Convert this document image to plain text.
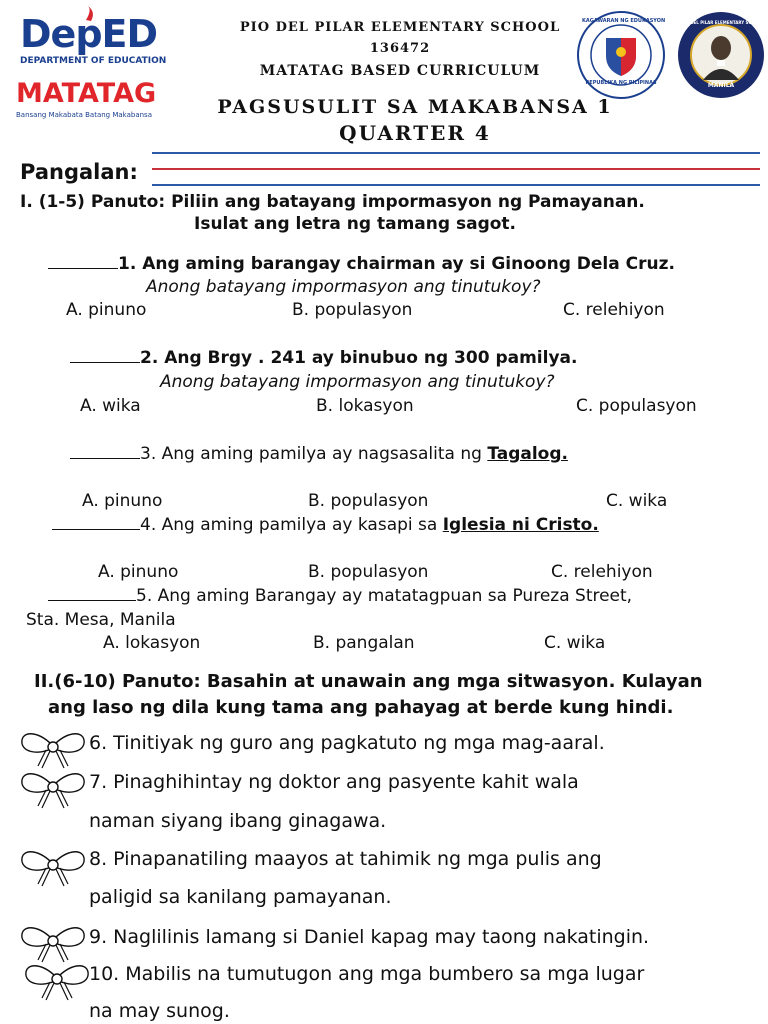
DepED
DEPARTMENT OF EDUCATION
MATATAG
Bansang Makabata Batang Makabansa
PIO DEL PILAR ELEMENTARY SCHOOL
136472
MATATAG BASED CURRICULUM
PAGSUSULIT SA MAKABANSA 1
QUARTER 4
KAGAWARAN NG EDUKASYON
REPUBLIKA NG PILIPINAS
PIO DEL PILAR ELEMENTARY SCHOOL
MANILA
Pangalan:
I. (1-5) Panuto: Piliin ang batayang impormasyon ng Pamayanan.
Isulat ang letra ng tamang sagot.
1. Ang aming barangay chairman ay si Ginoong Dela Cruz.
Anong batayang impormasyon ang tinutukoy?
A. pinuno	B. populasyon	C. relehiyon
2. Ang Brgy . 241 ay binubuo ng 300 pamilya.
Anong batayang impormasyon ang tinutukoy?
A. wika	B. lokasyon	C. populasyon
3. Ang aming pamilya ay nagsasalita ng Tagalog.
A. pinuno	B. populasyon	C. wika
4. Ang aming pamilya ay kasapi sa Iglesia ni Cristo.
A. pinuno	B. populasyon	C. relehiyon
5. Ang aming Barangay ay matatagpuan sa Pureza Street,
Sta. Mesa, Manila
A. lokasyon	B. pangalan	C. wika
II.(6-10) Panuto: Basahin at unawain ang mga sitwasyon. Kulayan
ang laso ng dila kung tama ang pahayag at berde kung hindi.
6. Tinitiyak ng guro ang pagkatuto ng mga mag-aaral.
7. Pinaghihintay ng doktor ang pasyente kahit wala
naman siyang ibang ginagawa.
8. Pinapanatiling maayos at tahimik ng mga pulis ang
paligid sa kanilang pamayanan.
9. Naglilinis lamang si Daniel kapag may taong nakatingin.
10. Mabilis na tumutugon ang mga bumbero sa mga lugar
na may sunog.
